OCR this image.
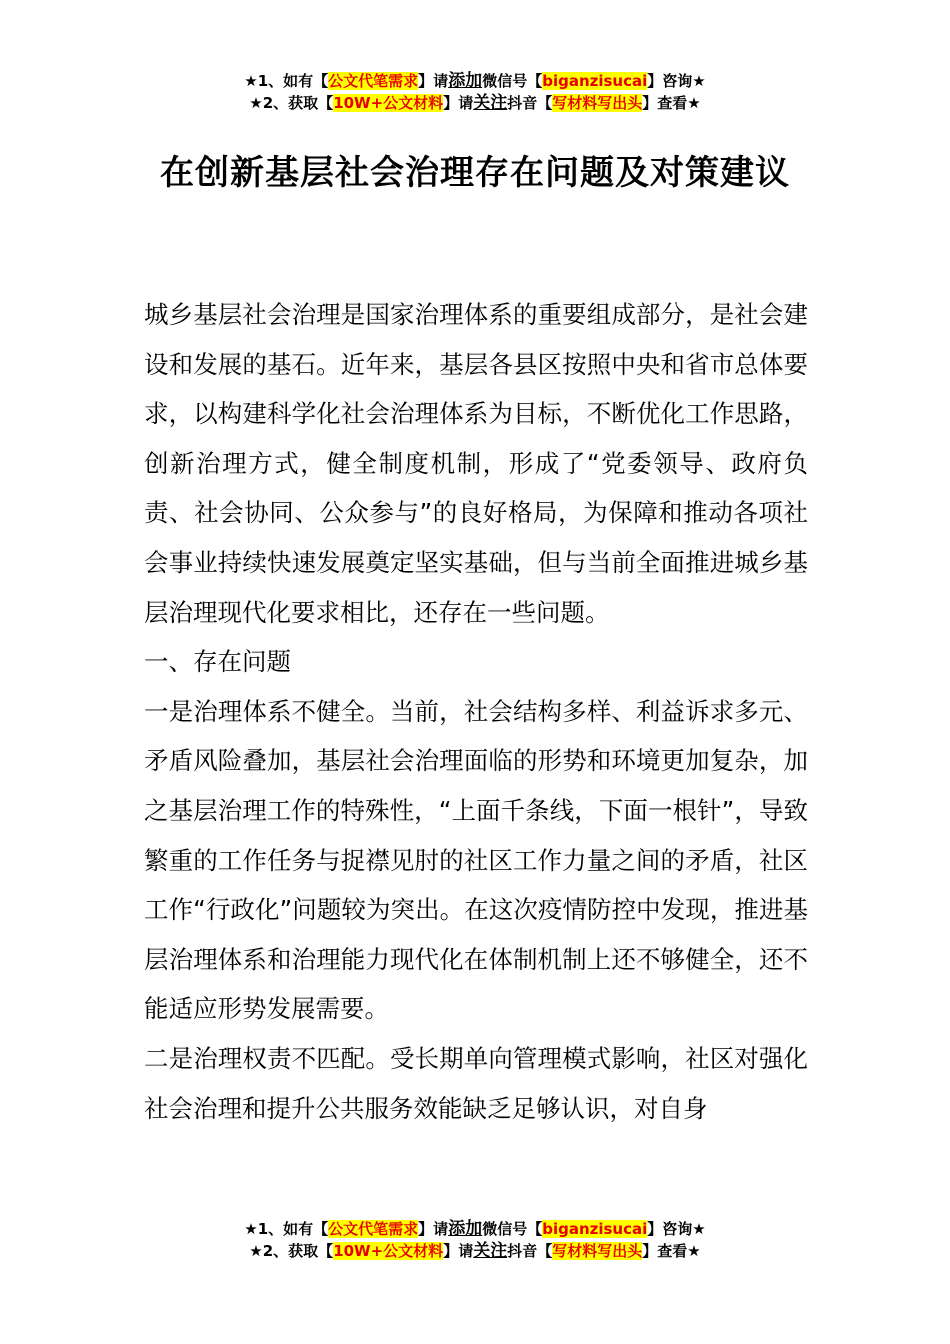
★1、如有【公文代笔需求】请添加微信号【biganzisucai】咨询★
★2、获取【10W+公文材料】请关注抖音【写材料写出头】查看★
在创新基层社会治理存在问题及对策建议

城乡基层社会治理是国家治理体系的重要组成部分，是社会建设和发展的基石。近年来，基层各县区按照中央和省市总体要求，以构建科学化社会治理体系为目标，不断优化工作思路，创新治理方式，健全制度机制，形成了“党委领导、政府负责、社会协同、公众参与”的良好格局，为保障和推动各项社会事业持续快速发展奠定坚实基础，但与当前全面推进城乡基层治理现代化要求相比，还存在一些问题。

一、存在问题

一是治理体系不健全。当前，社会结构多样、利益诉求多元、矛盾风险叠加，基层社会治理面临的形势和环境更加复杂，加之基层治理工作的特殊性，“上面千条线，下面一根针”，导致繁重的工作任务与捉襟见肘的社区工作力量之间的矛盾，社区工作“行政化”问题较为突出。在这次疫情防控中发现，推进基层治理体系和治理能力现代化在体制机制上还不够健全，还不能适应形势发展需要。

二是治理权责不匹配。受长期单向管理模式影响，社区对强化社会治理和提升公共服务效能缺乏足够认识，对自身

★1、如有【公文代笔需求】请添加微信号【biganzisucai】咨询★
★2、获取【10W+公文材料】请关注抖音【写材料写出头】查看★
